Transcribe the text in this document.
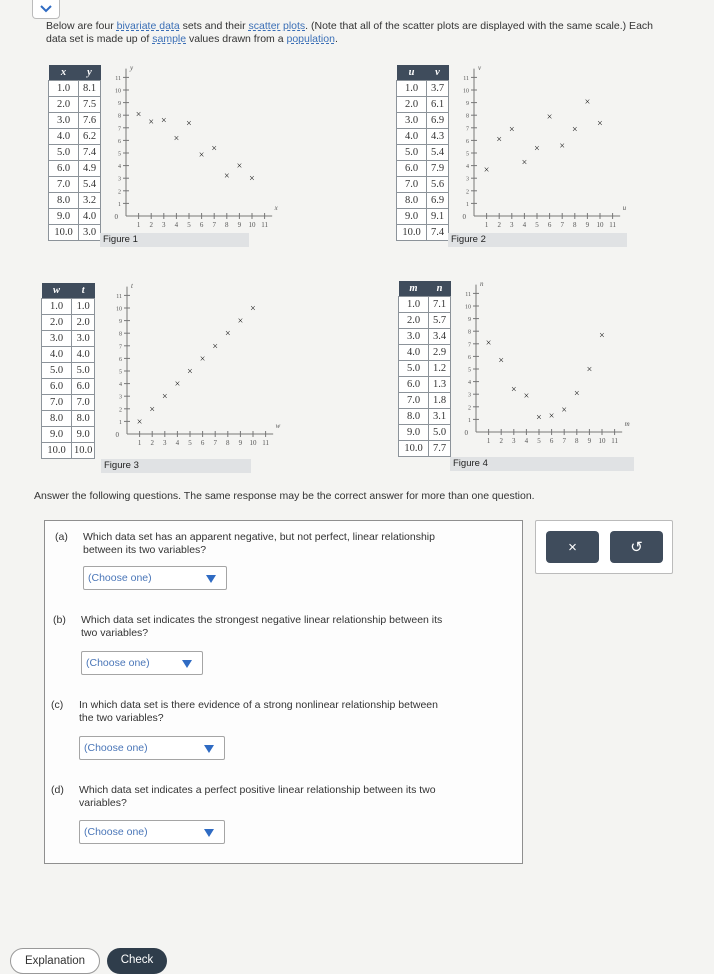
Below are four bivariate data sets and their scatter plots. (Note that all of the scatter plots are displayed with the same scale.) Each data set is made up of sample values drawn from a population.
x	y
1.0	8.1
2.0	7.5
3.0	7.6
4.0	6.2
5.0	7.4
6.0	4.9
7.0	5.4
8.0	3.2
9.0	4.0
10.0	3.0
Figure 1
1 2 3 4 5 6 7 8 9 10 11
1
2
3
4
5
6
7
8
9
10
11
0
x
y
×
× ×
×
×
×
×
×
×
×
u	v
1.0	3.7
2.0	6.1
3.0	6.9
4.0	4.3
5.0	5.4
6.0	7.9
7.0	5.6
8.0	6.9
9.0	9.1
10.0	7.4
Figure 2
1 2 3 4 5 6 7 8 9 10 11
1
2
3
4
5
6
7
8
9
10
11
0
u
v
×
×
×
×
×
×
×
×
×
×
w	t
1.0	1.0
2.0	2.0
3.0	3.0
4.0	4.0
5.0	5.0
6.0	6.0
7.0	7.0
8.0	8.0
9.0	9.0
10.0	10.0
Figure 3
1 2 3 4 5 6 7 8 9 10 11
1
2
3
4
5
6
7
8
9
10
11
0
w
t
×
×
×
×
×
×
×
×
×
×
m	n
1.0	7.1
2.0	5.7
3.0	3.4
4.0	2.9
5.0	1.2
6.0	1.3
7.0	1.8
8.0	3.1
9.0	5.0
10.0	7.7
Figure 4
1 2 3 4 5 6 7 8 9 10 11
1
2
3
4
5
6
7
8
9
10
11
0
m
n
×
×
×
×
× ×
×
×
×
×
Answer the following questions. The same response may be the correct answer for more than one question.
(a) Which data set has an apparent negative, but not perfect, linear relationship
between its two variables?
(Choose one)
(b) Which data set indicates the strongest negative linear relationship between its
two variables?
(Choose one)
(c) In which data set is there evidence of a strong nonlinear relationship between
the two variables?
(Choose one)
(d) Which data set indicates a perfect positive linear relationship between its two
variables?
(Choose one)
×	↺
Explanation	Check
